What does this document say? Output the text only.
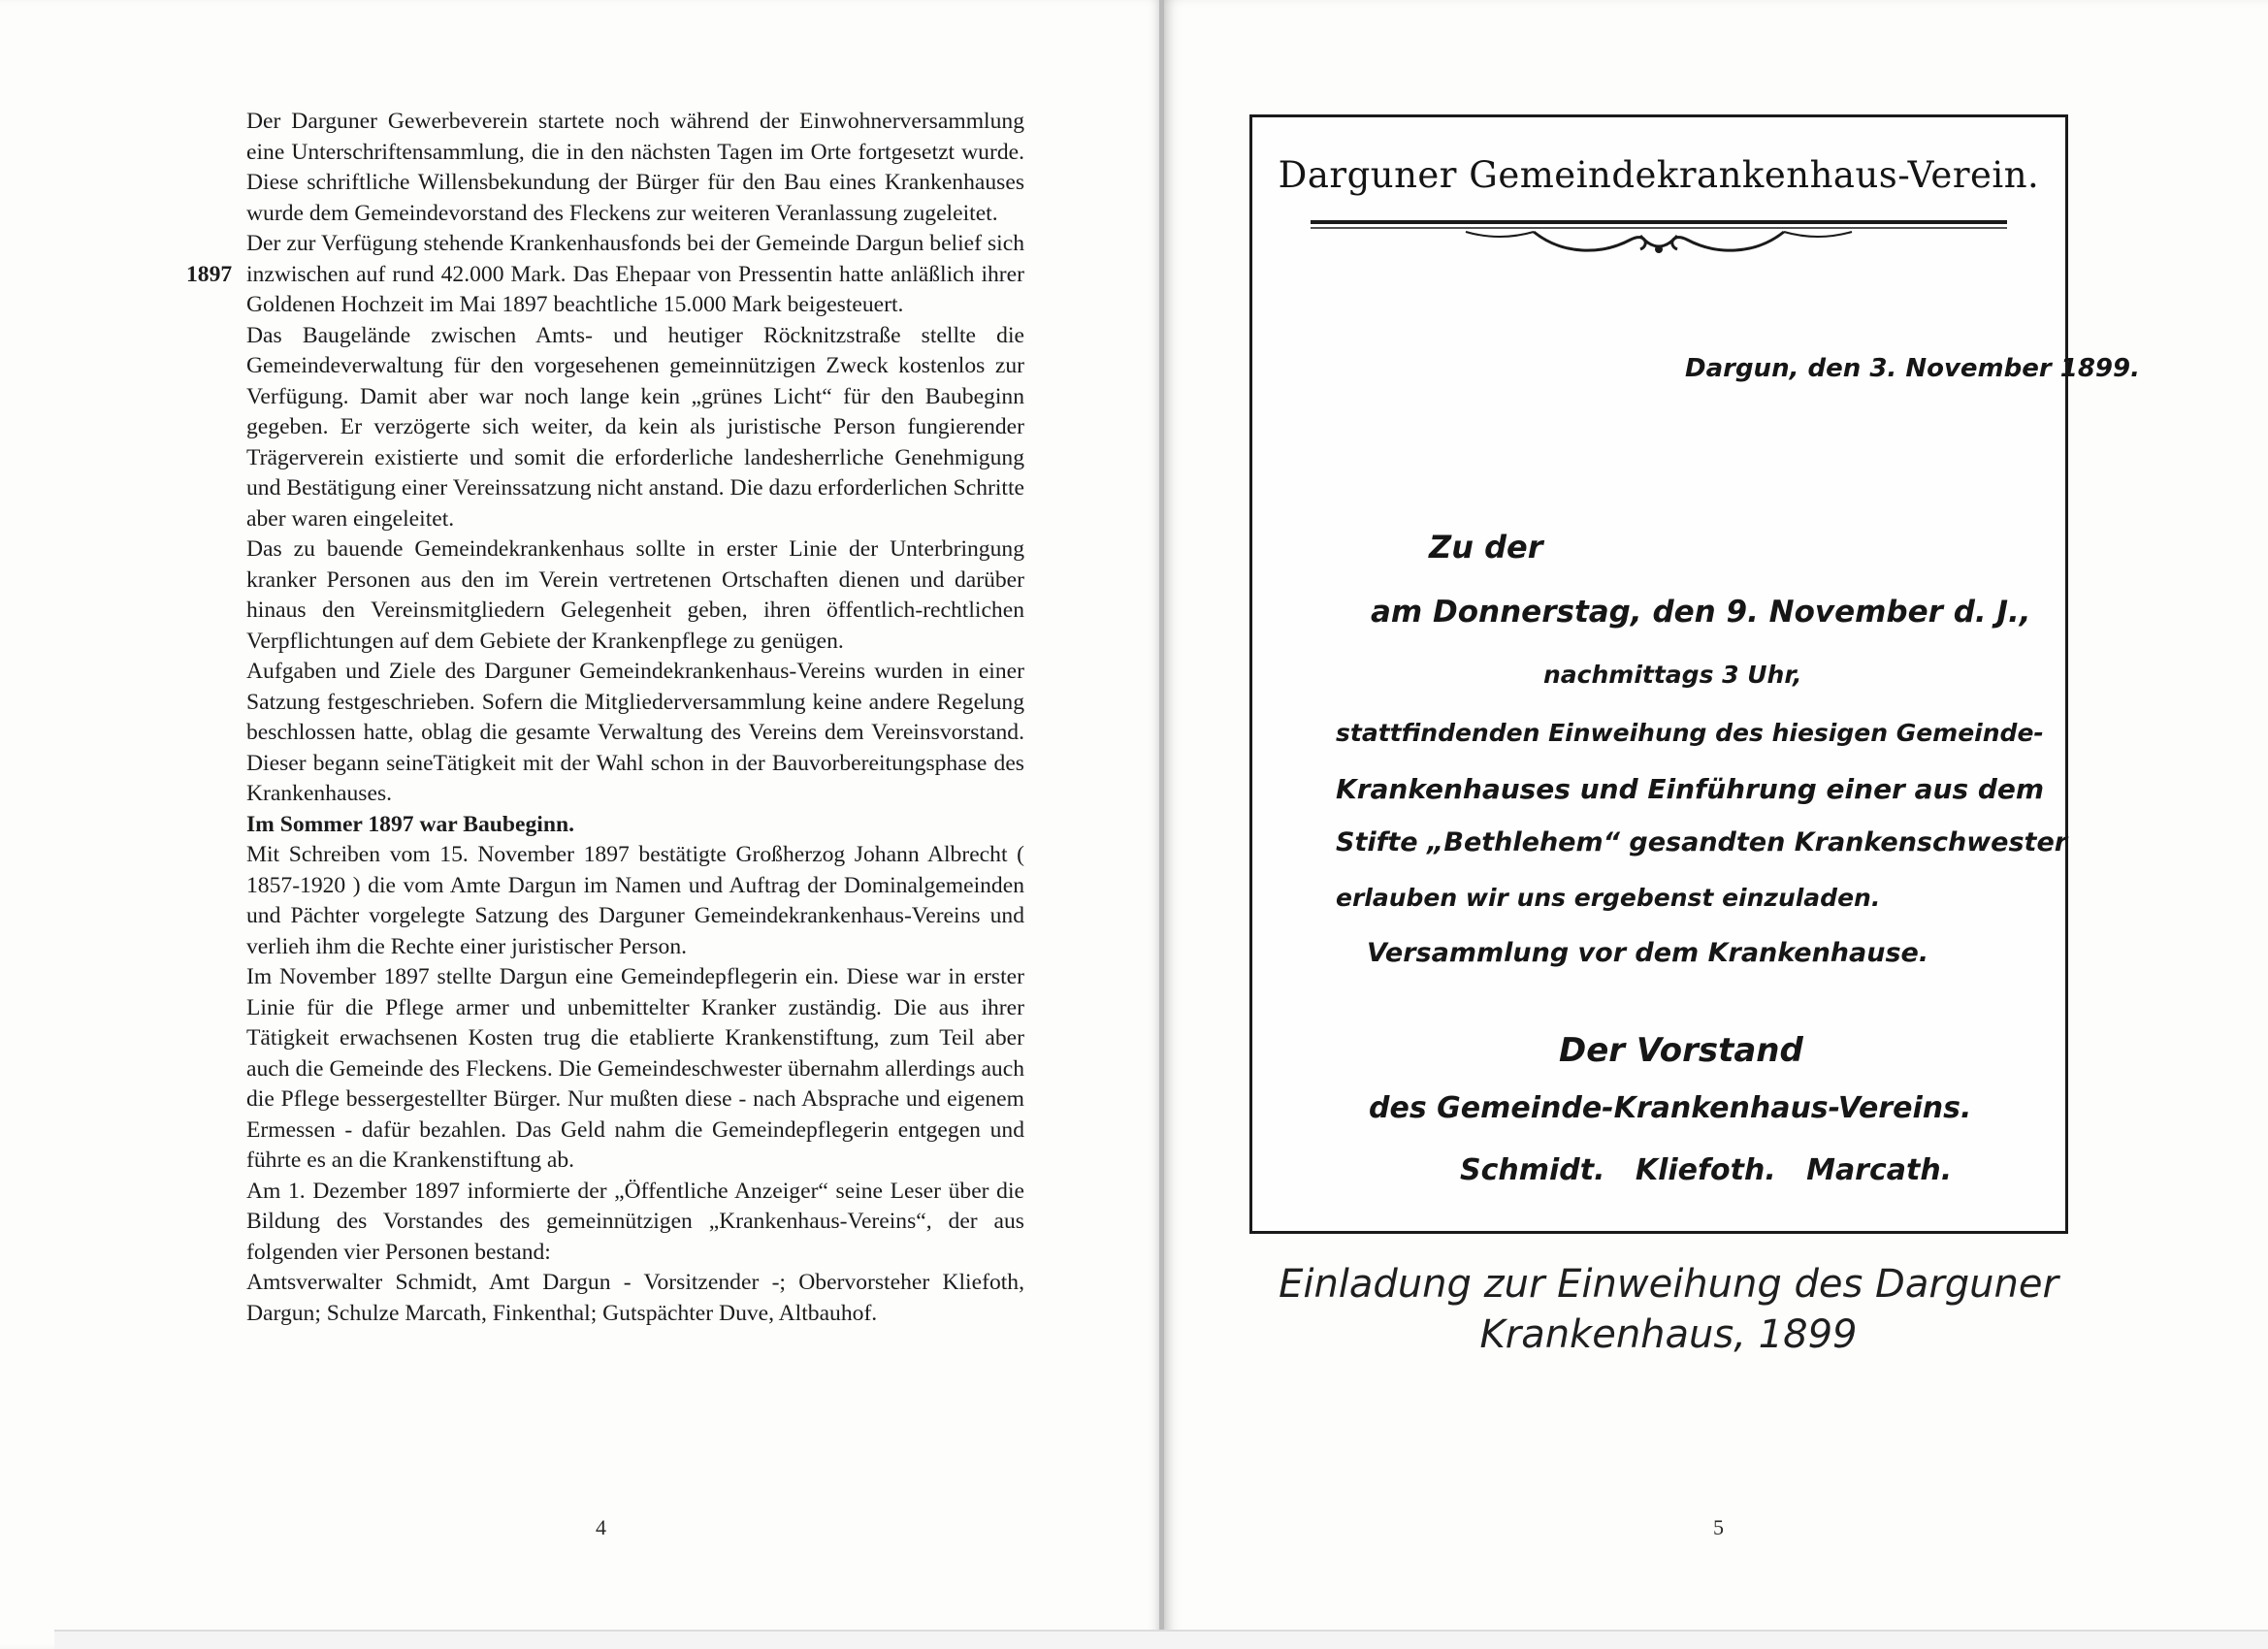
Der Darguner Gewerbeverein startete noch während der Einwohnerversammlung eine Unterschriftensammlung, die in den nächsten Tagen im Orte fortgesetzt wurde. Diese schriftliche Willensbekundung der Bürger für den Bau eines Krankenhauses wurde dem Gemeindevorstand des Fleckens zur weiteren Veranlassung zugeleitet.

Der zur Verfügung stehende Krankenhausfonds bei der Gemeinde Dargun belief sich inzwischen auf rund 42.000 Mark. Das Ehepaar von Pressentin hatte anläßlich ihrer Goldenen Hochzeit im Mai 1897 beachtliche 15.000 Mark beigesteuert.

Das Baugelände zwischen Amts- und heutiger Röcknitzstraße stellte die Gemeindeverwaltung für den vorgesehenen gemeinnützigen Zweck kostenlos zur Verfügung. Damit aber war noch lange kein „grünes Licht“ für den Baubeginn gegeben. Er verzögerte sich weiter, da kein als juristische Person fungierender Trägerverein existierte und somit die erforderliche landesherrliche Genehmigung und Bestätigung einer Vereinssatzung nicht anstand. Die dazu erforderlichen Schritte aber waren eingeleitet.

Das zu bauende Gemeindekrankenhaus sollte in erster Linie der Unterbringung kranker Personen aus den im Verein vertretenen Ortschaften dienen und darüber hinaus den Vereinsmitgliedern Gelegenheit geben, ihren öffentlich-rechtlichen Verpflichtungen auf dem Gebiete der Krankenpflege zu genügen.

Aufgaben und Ziele des Darguner Gemeindekrankenhaus-Vereins wurden in einer Satzung festgeschrieben. Sofern die Mitgliederversammlung keine andere Regelung beschlossen hatte, oblag die gesamte Verwaltung des Vereins dem Vereinsvorstand. Dieser begann seineTätigkeit mit der Wahl schon in der Bauvorbereitungsphase des Krankenhauses.

Im Sommer 1897 war Baubeginn.

Mit Schreiben vom 15. November 1897 bestätigte Großherzog Johann Albrecht ( 1857-1920 ) die vom Amte Dargun im Namen und Auftrag der Dominalgemeinden und Pächter vorgelegte Satzung des Darguner Gemeindekrankenhaus-Vereins und verlieh ihm die Rechte einer juristischer Person.

Im November 1897 stellte Dargun eine Gemeindepflegerin ein. Diese war in erster Linie für die Pflege armer und unbemittelter Kranker zuständig. Die aus ihrer Tätigkeit erwachsenen Kosten trug die etablierte Krankenstiftung, zum Teil aber auch die Gemeinde des Fleckens. Die Gemeindeschwester übernahm allerdings auch die Pflege bessergestellter Bürger. Nur mußten diese - nach Absprache und eigenem Ermessen - dafür bezahlen. Das Geld nahm die Gemeindepflegerin entgegen und führte es an die Krankenstiftung ab.

Am 1. Dezember 1897 informierte der „Öffentliche Anzeiger“ seine Leser über die Bildung des Vorstandes des gemeinnützigen „Krankenhaus-Vereins“, der aus folgenden vier Personen bestand:

Amtsverwalter Schmidt, Amt Dargun - Vorsitzender -; Obervorsteher Kliefoth, Dargun; Schulze Marcath, Finkenthal; Gutspächter Duve, Altbauhof.

1897
4
Darguner Gemeindekrankenhaus-Verein.
Dargun, den 3. November 1899.
Zu der
am Donnerstag, den 9. November d. J.,
nachmittags 3 Uhr,
stattfindenden Einweihung des hiesigen Gemeinde-
Krankenhauses und Einführung einer aus dem
Stifte „Bethlehem“ gesandten Krankenschwester
erlauben wir uns ergebenst einzuladen.
Versammlung vor dem Krankenhause.
Der Vorstand
des Gemeinde-Krankenhaus-Vereins.
Schmidt.   Kliefoth.   Marcath.
Einladung zur Einweihung des Darguner
Krankenhaus, 1899
5
